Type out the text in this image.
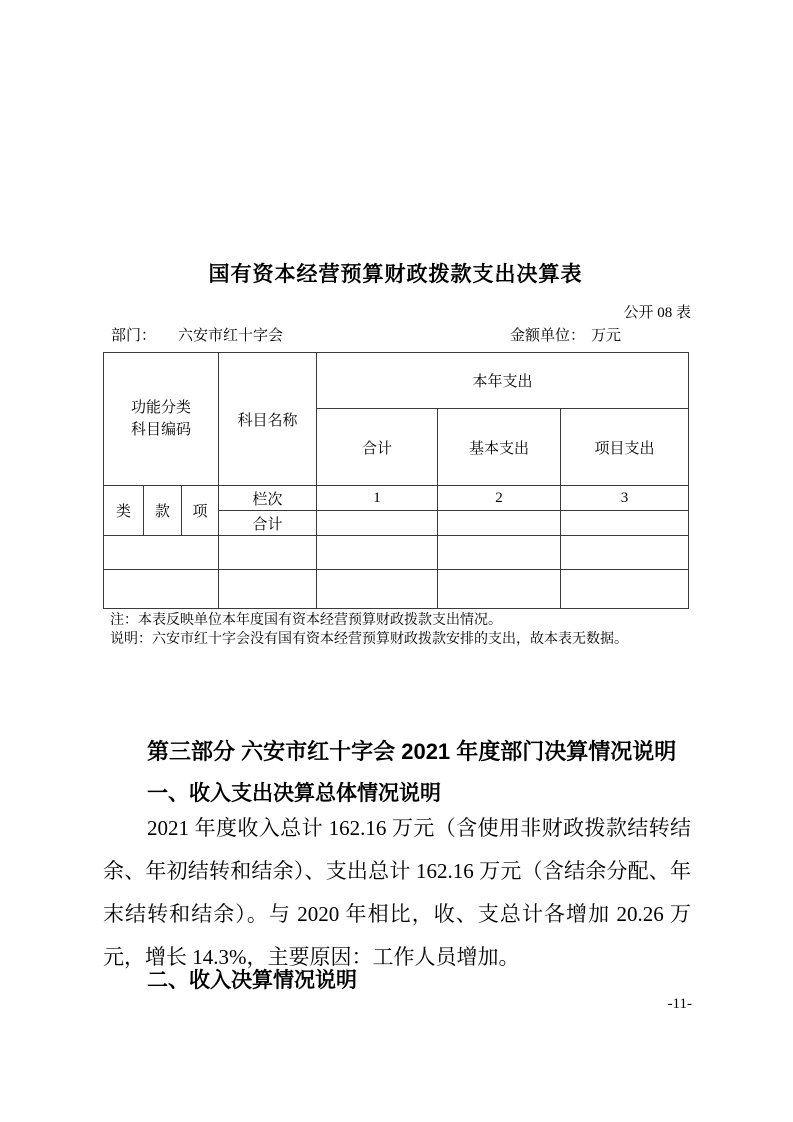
国有资本经营预算财政拨款支出决算表
公开 08 表
部门： 六安市红十字会	金额单位： 万元
功能分类
科目编码			科目名称	本年支出		
				合计	基本支出	项目支出
类	款	项	栏次	1	2	3
			合计			

注：本表反映单位本年度国有资本经营预算财政拨款支出情况。
说明：六安市红十字会没有国有资本经营预算财政拨款安排的支出，故本表无数据。
第三部分 六安市红十字会 2021 年度部门决算情况说明
一、收入支出决算总体情况说明
2021 年度收入总计 162.16 万元（含使用非财政拨款结转结余、年初结转和结余）、支出总计 162.16 万元（含结余分配、年末结转和结余）。与 2020 年相比，收、支总计各增加 20.26 万元，增长 14.3%，主要原因：工作人员增加。
二、收入决算情况说明
-11-
